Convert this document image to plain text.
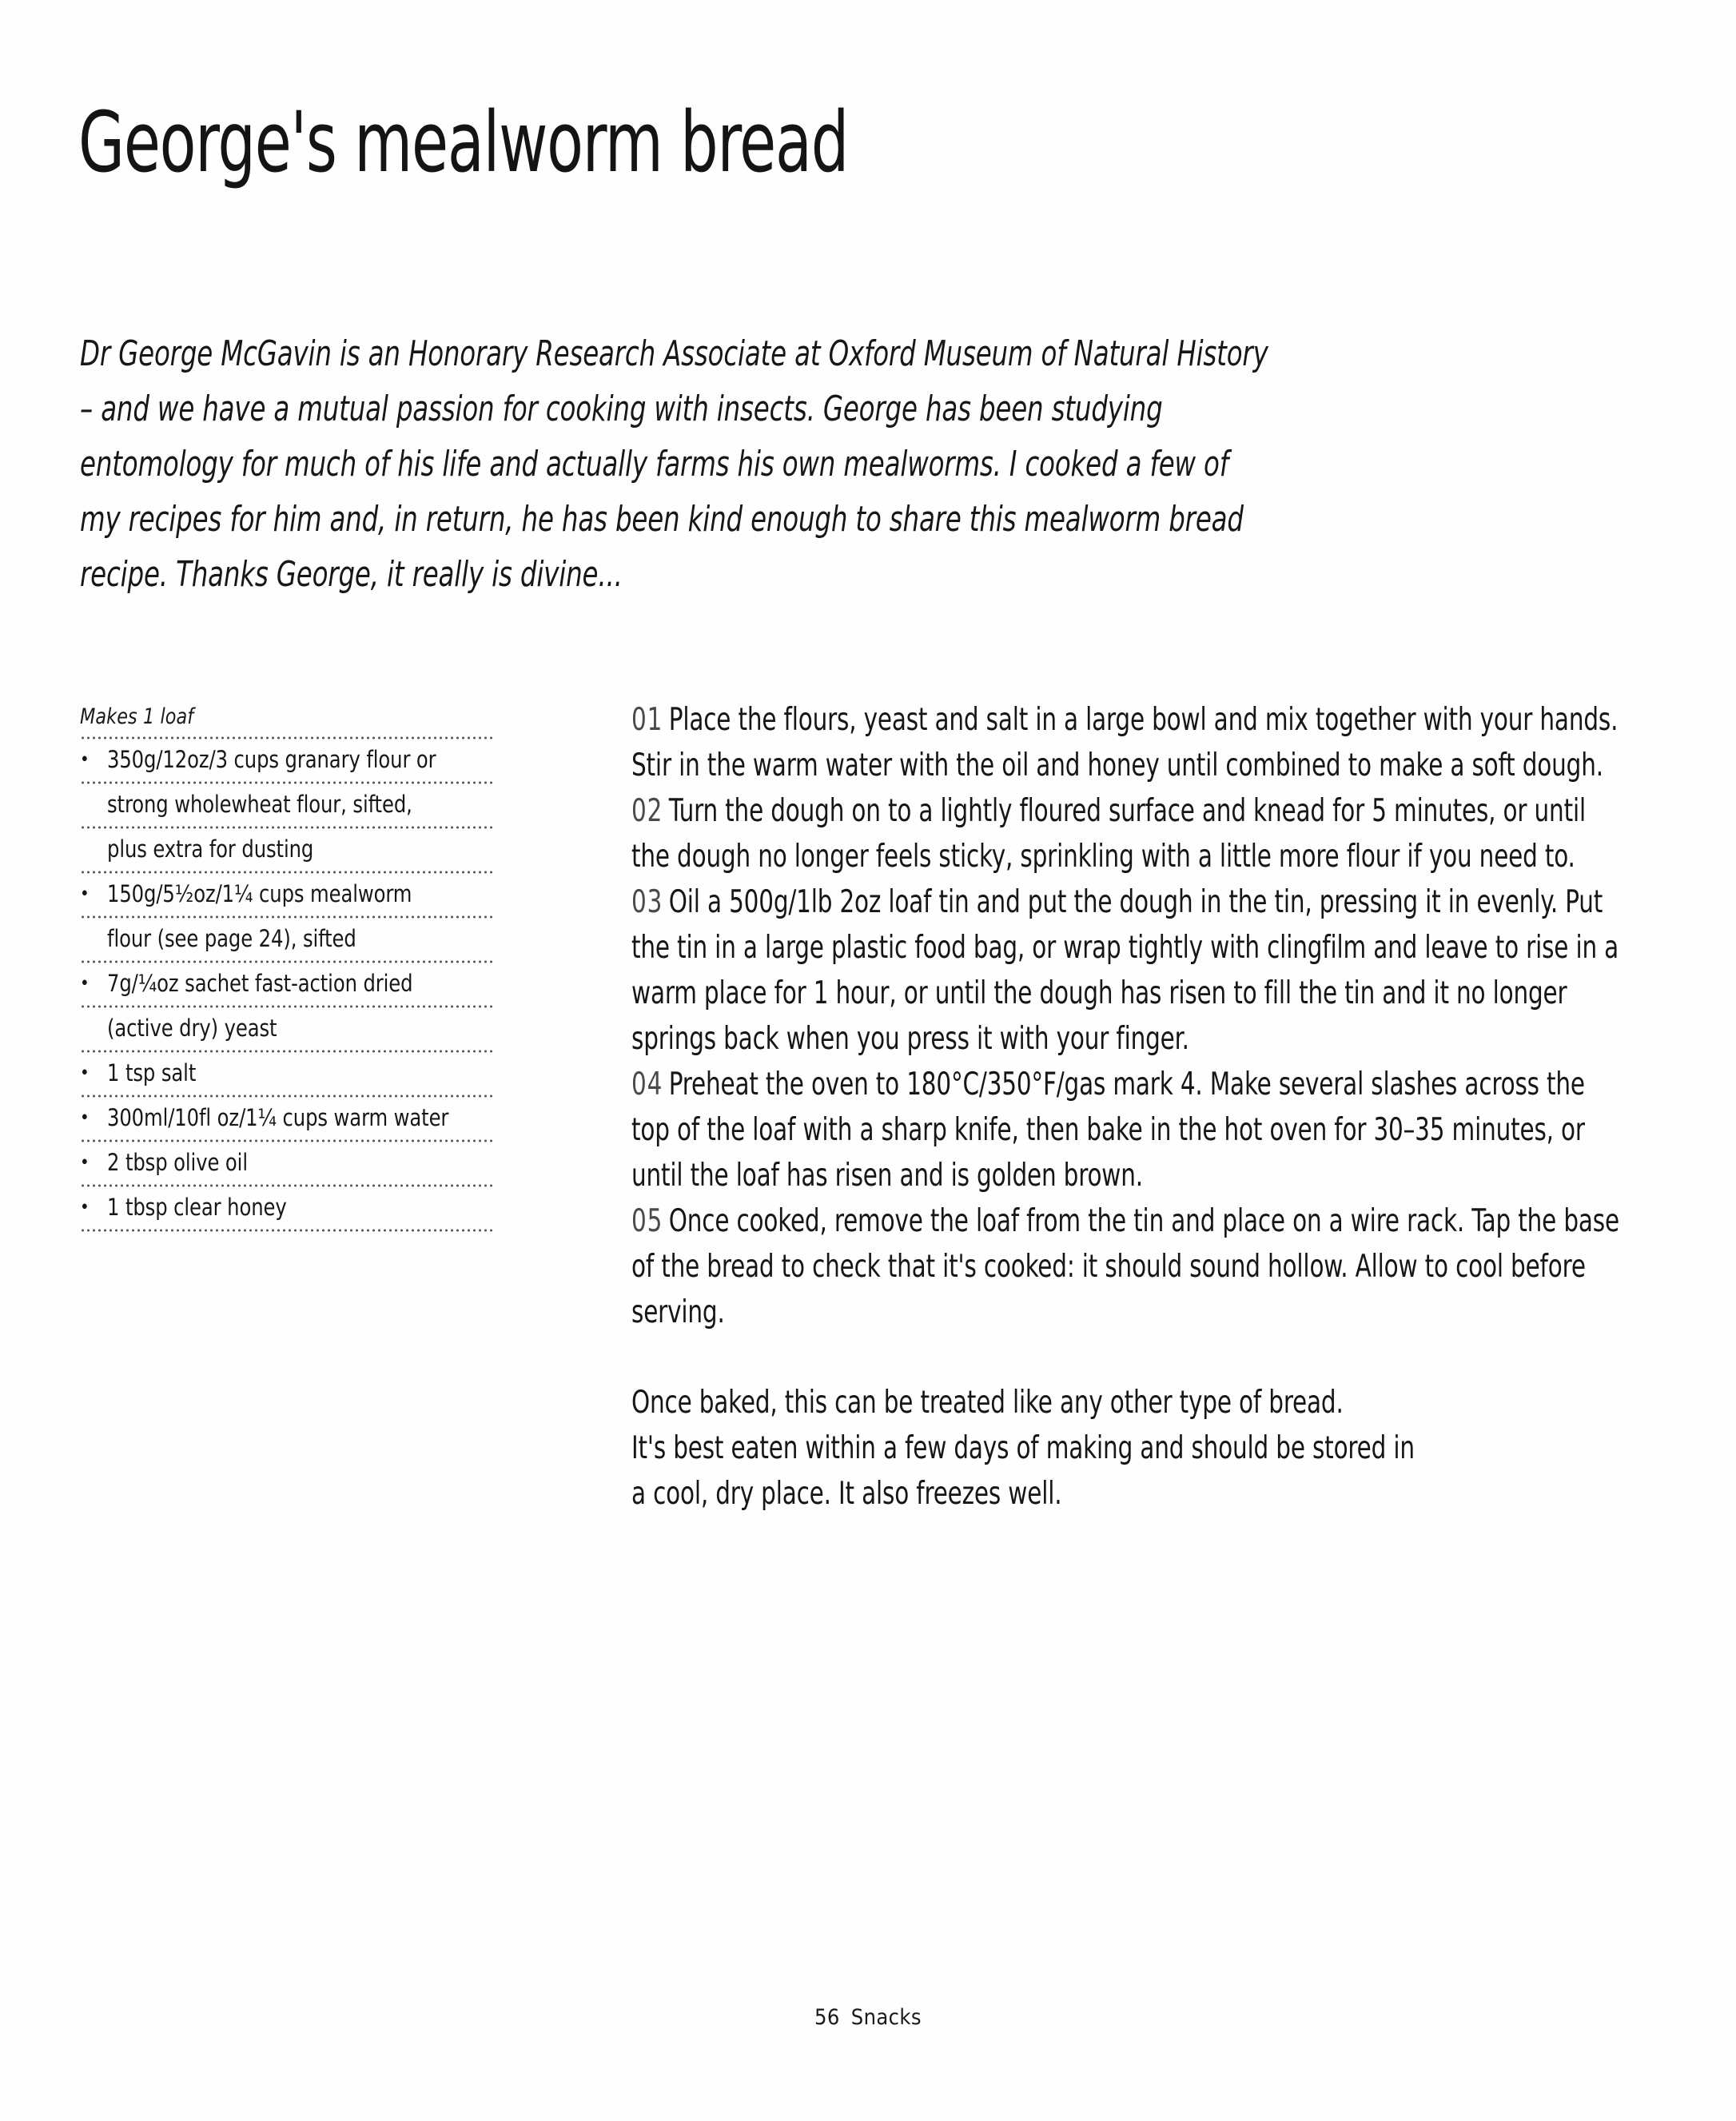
George's mealworm bread
Dr George McGavin is an Honorary Research Associate at Oxford Museum of Natural History
– and we have a mutual passion for cooking with insects. George has been studying
entomology for much of his life and actually farms his own mealworms. I cooked a few of
my recipes for him and, in return, he has been kind enough to share this mealworm bread
recipe. Thanks George, it really is divine...
Makes 1 loaf
• 350g/12oz/3 cups granary flour or
strong wholewheat flour, sifted,
plus extra for dusting
• 150g/5½oz/1¼ cups mealworm
flour (see page 24), sifted
• 7g/¼oz sachet fast-action dried
(active dry) yeast
• 1 tsp salt
• 300ml/10fl oz/1¼ cups warm water
• 2 tbsp olive oil
• 1 tbsp clear honey

01 Place the flours, yeast and salt in a large bowl and mix together with your hands. Stir in the warm water with the oil and honey until combined to make a soft dough.

02 Turn the dough on to a lightly floured surface and knead for 5 minutes, or until the dough no longer feels sticky, sprinkling with a little more flour if you need to.

03 Oil a 500g/1lb 2oz loaf tin and put the dough in the tin, pressing it in evenly. Put the tin in a large plastic food bag, or wrap tightly with clingfilm and leave to rise in a warm place for 1 hour, or until the dough has risen to fill the tin and it no longer springs back when you press it with your finger.

04 Preheat the oven to 180°C/350°F/gas mark 4. Make several slashes across the top of the loaf with a sharp knife, then bake in the hot oven for 30–35 minutes, or until the loaf has risen and is golden brown.

05 Once cooked, remove the loaf from the tin and place on a wire rack. Tap the base of the bread to check that it's cooked: it should sound hollow. Allow to cool before serving.

Once baked, this can be treated like any other type of bread.

It's best eaten within a few days of making and should be stored in

a cool, dry place. It also freezes well.

56 Snacks
